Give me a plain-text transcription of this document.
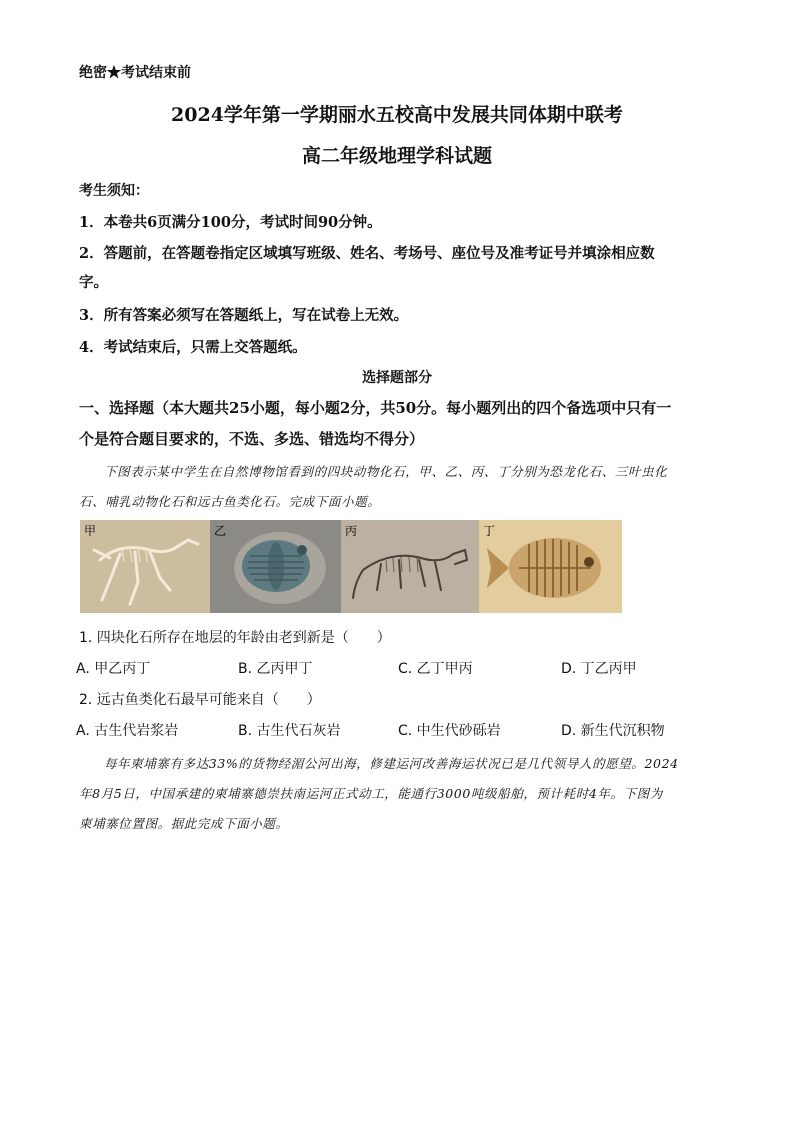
绝密★考试结束前
2024学年第一学期丽水五校高中发展共同体期中联考
高二年级地理学科试题
考生须知：
1．本卷共6页满分100分，考试时间90分钟。
2．答题前，在答题卷指定区域填写班级、姓名、考场号、座位号及准考证号并填涂相应数
字。
3．所有答案必须写在答题纸上，写在试卷上无效。
4．考试结束后，只需上交答题纸。
选择题部分
一、选择题（本大题共25小题，每小题2分，共50分。每小题列出的四个备选项中只有一
个是符合题目要求的，不选、多选、错选均不得分）
下图表示某中学生在自然博物馆看到的四块动物化石，甲、乙、丙、丁分别为恐龙化石、三叶虫化
石、哺乳动物化石和远古鱼类化石。完成下面小题。
甲	乙	丙	丁
1. 四块化石所存在地层的年龄由老到新是（　　）
A. 甲乙丙丁	B. 乙丙甲丁	C. 乙丁甲丙	D. 丁乙丙甲
2. 远古鱼类化石最早可能来自（　　）
A. 古生代岩浆岩	B. 古生代石灰岩	C. 中生代砂砾岩	D. 新生代沉积物
每年柬埔寨有多达33%的货物经湄公河出海，修建运河改善海运状况已是几代领导人的愿望。2024
年8月5日，中国承建的柬埔寨德崇扶南运河正式动工，能通行3000吨级船舶，预计耗时4年。下图为
柬埔寨位置图。据此完成下面小题。
